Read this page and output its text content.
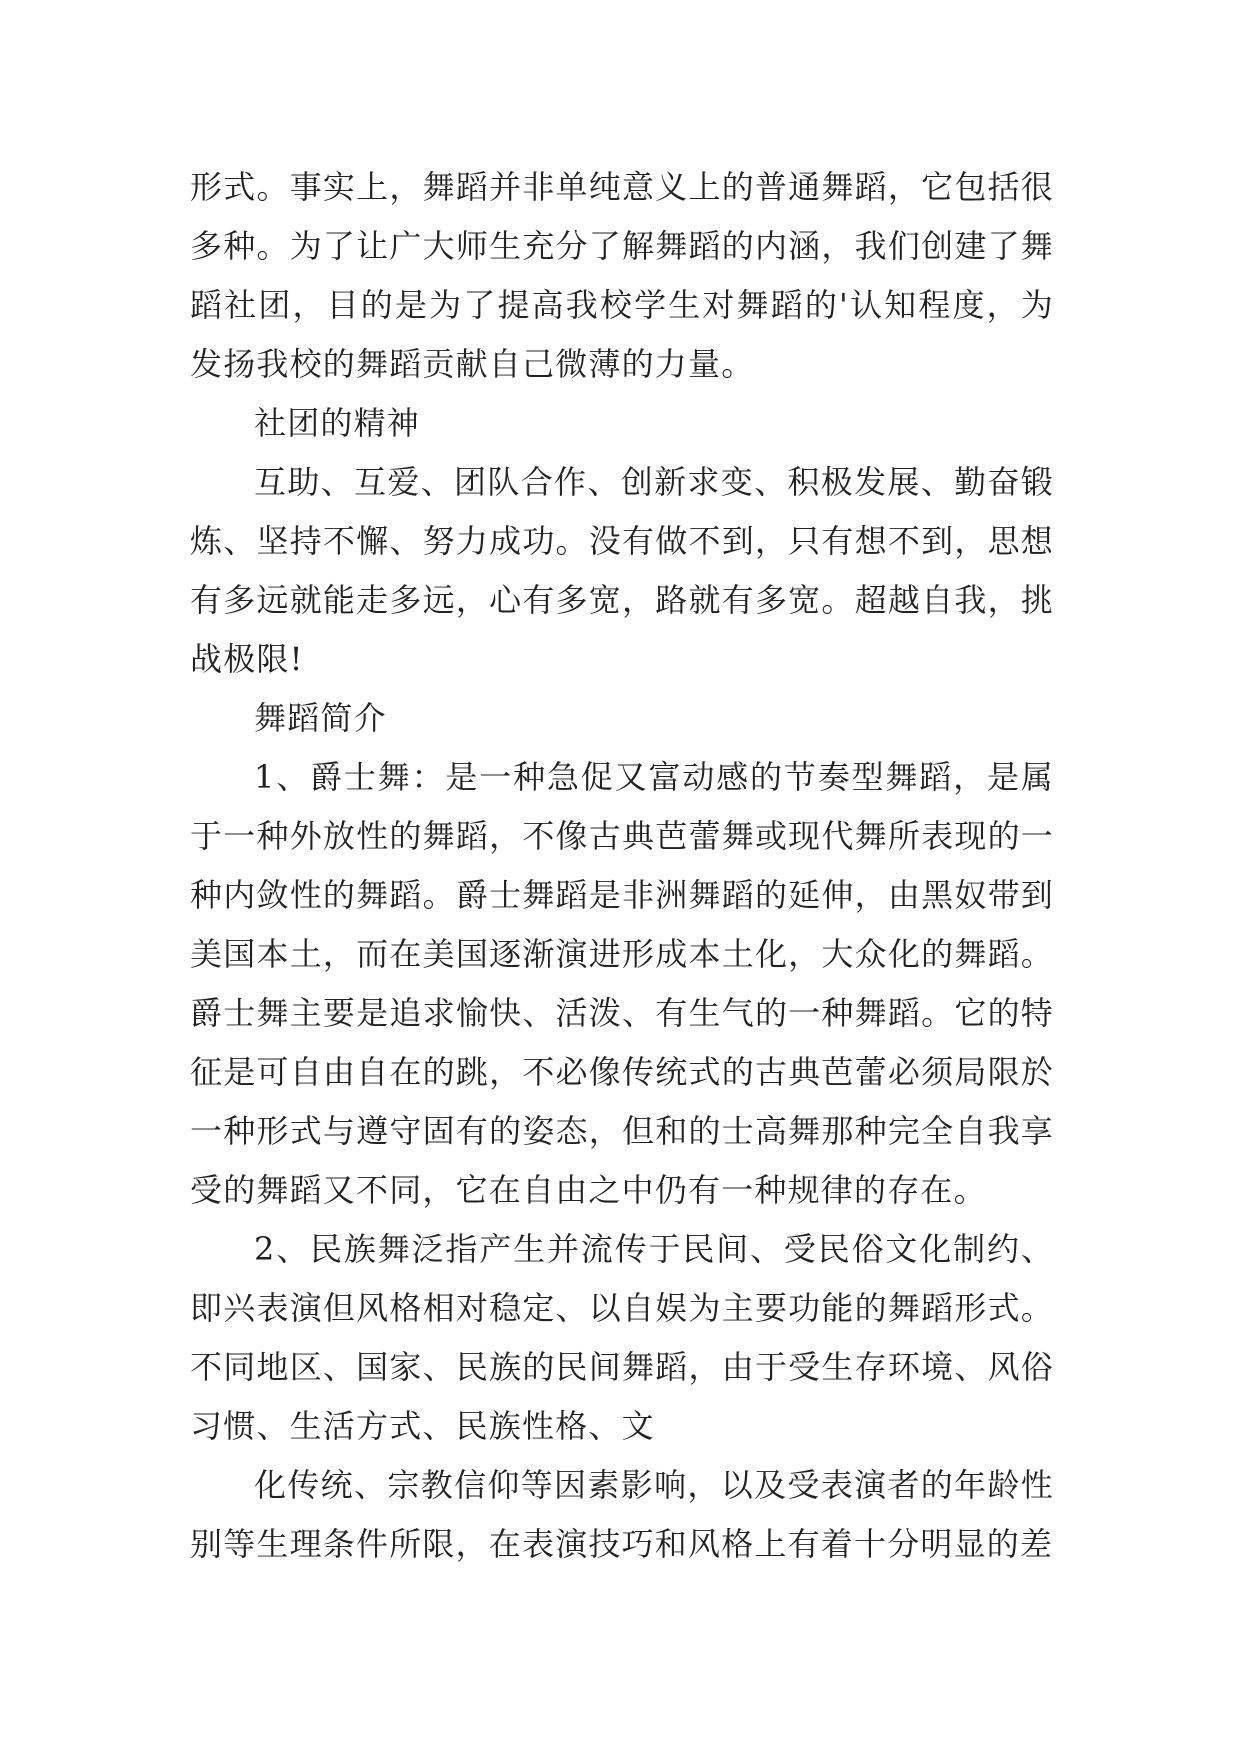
形式。事实上，舞蹈并非单纯意义上的普通舞蹈，它包括很多种。为了让广大师生充分了解舞蹈的内涵，我们创建了舞蹈社团，目的是为了提高我校学生对舞蹈的'认知程度，为发扬我校的舞蹈贡献自己微薄的力量。

社团的精神

互助、互爱、团队合作、创新求变、积极发展、勤奋锻炼、坚持不懈、努力成功。没有做不到，只有想不到，思想有多远就能走多远，心有多宽，路就有多宽。超越自我，挑战极限!

舞蹈简介

1、爵士舞：是一种急促又富动感的节奏型舞蹈，是属于一种外放性的舞蹈，不像古典芭蕾舞或现代舞所表现的一种内敛性的舞蹈。爵士舞蹈是非洲舞蹈的延伸，由黑奴带到美国本土，而在美国逐渐演进形成本土化，大众化的舞蹈。爵士舞主要是追求愉快、活泼、有生气的一种舞蹈。它的特征是可自由自在的跳，不必像传统式的古典芭蕾必须局限於一种形式与遵守固有的姿态，但和的士高舞那种完全自我享受的舞蹈又不同，它在自由之中仍有一种规律的存在。

2、民族舞泛指产生并流传于民间、受民俗文化制约、即兴表演但风格相对稳定、以自娱为主要功能的舞蹈形式。不同地区、国家、民族的民间舞蹈，由于受生存环境、风俗习惯、生活方式、民族性格、文

化传统、宗教信仰等因素影响，以及受表演者的年龄性别等生理条件所限，在表演技巧和风格上有着十分明显的差
